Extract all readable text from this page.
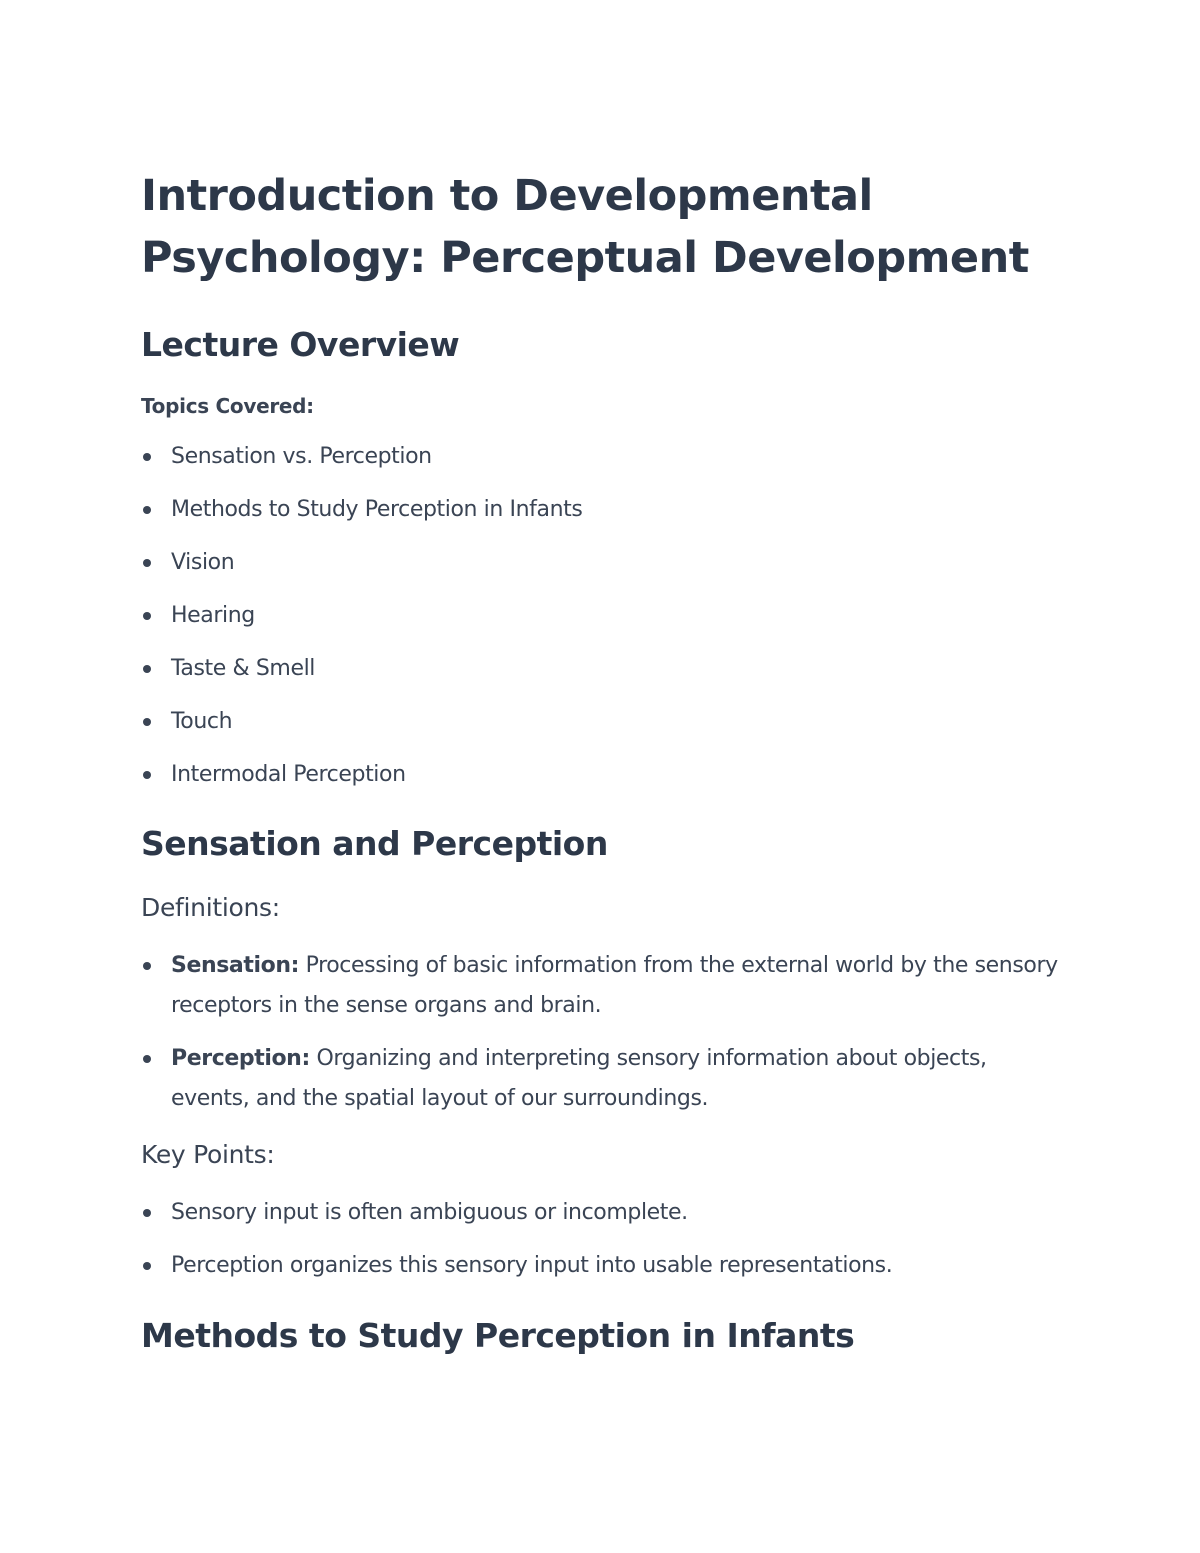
Introduction to Developmental Psychology: Perceptual Development
Lecture Overview

Topics Covered:

Sensation vs. Perception
Methods to Study Perception in Infants
Vision
Hearing
Taste & Smell
Touch
Intermodal Perception
Sensation and Perception
Definitions:
Sensation: Processing of basic information from the external world by the sensory receptors in the sense organs and brain.
Perception: Organizing and interpreting sensory information about objects, events, and the spatial layout of our surroundings.
Key Points:
Sensory input is often ambiguous or incomplete.
Perception organizes this sensory input into usable representations.
Methods to Study Perception in Infants
